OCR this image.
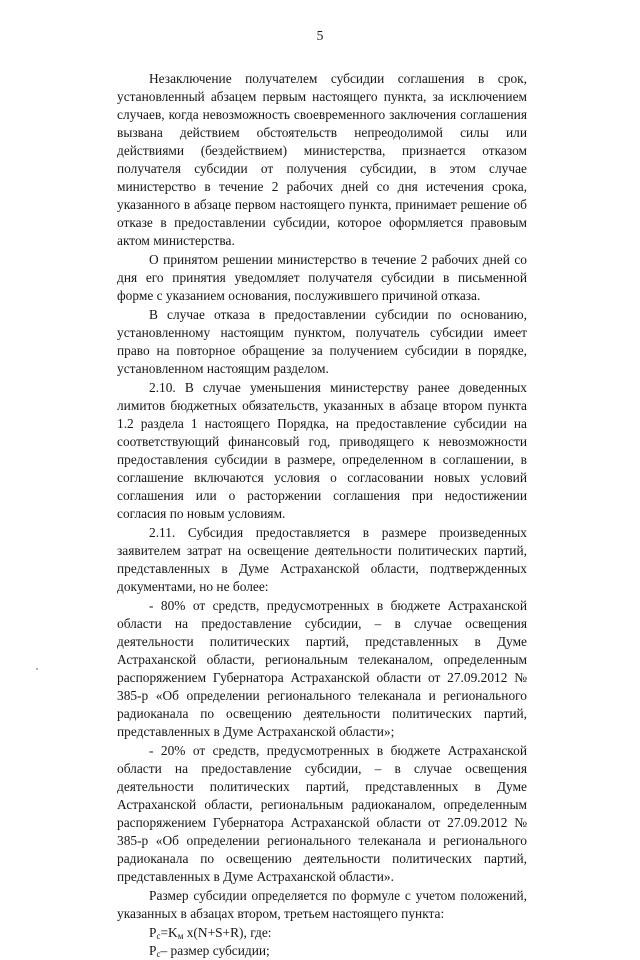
5

Незаключение получателем субсидии соглашения в срок, установленный абзацем первым настоящего пункта, за исключением случаев, когда невозможность своевременного заключения соглашения вызвана действием обстоятельств непреодолимой силы или действиями (бездействием) министерства, признается отказом получателя субсидии от получения субсидии, в этом случае министерство в течение 2 рабочих дней со дня истечения срока, указанного в абзаце первом настоящего пункта, принимает решение об отказе в предоставлении субсидии, которое оформляется правовым актом министерства.

О принятом решении министерство в течение 2 рабочих дней со дня его принятия уведомляет получателя субсидии в письменной форме с указанием основания, послужившего причиной отказа.

В случае отказа в предоставлении субсидии по основанию, установленному настоящим пунктом, получатель субсидии имеет право на повторное обращение за получением субсидии в порядке, установленном настоящим разделом.

2.10. В случае уменьшения министерству ранее доведенных лимитов бюджетных обязательств, указанных в абзаце втором пункта 1.2 раздела 1 настоящего Порядка, на предоставление субсидии на соответствующий финансовый год, приводящего к невозможности предоставления субсидии в размере, определенном в соглашении, в соглашение включаются условия о согласовании новых условий соглашения или о расторжении соглашения при недостижении согласия по новым условиям.

2.11. Субсидия предоставляется в размере произведенных заявителем затрат на освещение деятельности политических партий, представленных в Думе Астраханской области, подтвержденных документами, но не более:

- 80% от средств, предусмотренных в бюджете Астраханской области на предоставление субсидии, – в случае освещения деятельности политических партий, представленных в Думе Астраханской области, региональным телеканалом, определенным распоряжением Губернатора Астраханской области от 27.09.2012 № 385-р «Об определении регионального телеканала и регионального радиоканала по освещению деятельности политических партий, представленных в Думе Астраханской области»;

- 20% от средств, предусмотренных в бюджете Астраханской области на предоставление субсидии, – в случае освещения деятельности политических партий, представленных в Думе Астраханской области, региональным радиоканалом, определенным распоряжением Губернатора Астраханской области от 27.09.2012 № 385-р «Об определении регионального телеканала и регионального радиоканала по освещению деятельности политических партий, представленных в Думе Астраханской области».

Размер субсидии определяется по формуле с учетом положений, указанных в абзацах втором, третьем настоящего пункта:

$P_c=K_м$ x(N+S+R), где:

$P_c-$ размер субсидии;
